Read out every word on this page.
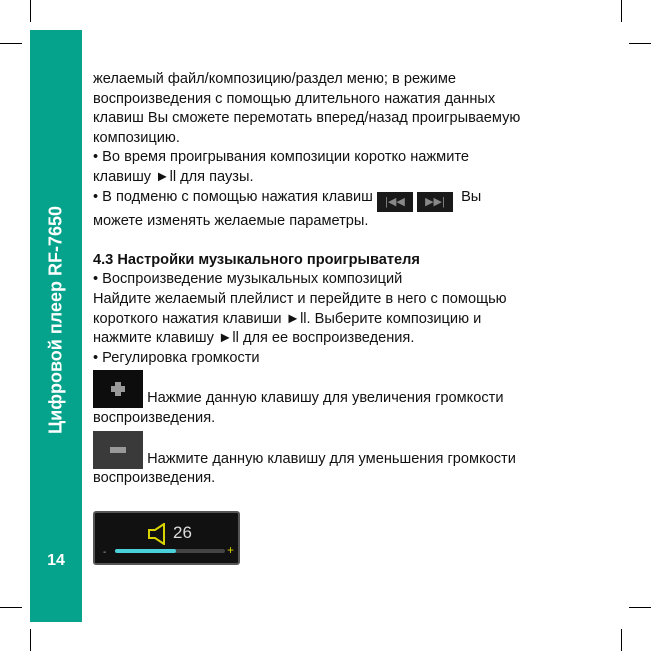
Цифровой плеер RF-7650
14

желаемый файл/композицию/раздел меню; в режиме

воспроизведения с помощью длительного нажатия данных

клавиш Вы сможете перемотать вперед/назад проигрываемую

композицию.

• Во время проигрывания композиции коротко нажмите

клавишу ►ll для паузы.

• В подменю с помощью нажатия клавиш |◀◀ ▶▶| Вы

можете изменять желаемые параметры.

4.3 Настройки музыкального проигрывателя

• Воспроизведение музыкальных композиций

Найдите желаемый плейлист и перейдите в него с помощью

короткого нажатия клавиши ►ll. Выберите композицию и

нажмите клавишу ►ll для ее воспроизведения.

• Регулировка громкости

Нажмие данную клавишу для увеличения громкости

воспроизведения.

Нажмите данную клавишу для уменьшения громкости

воспроизведения.

26
-	+
